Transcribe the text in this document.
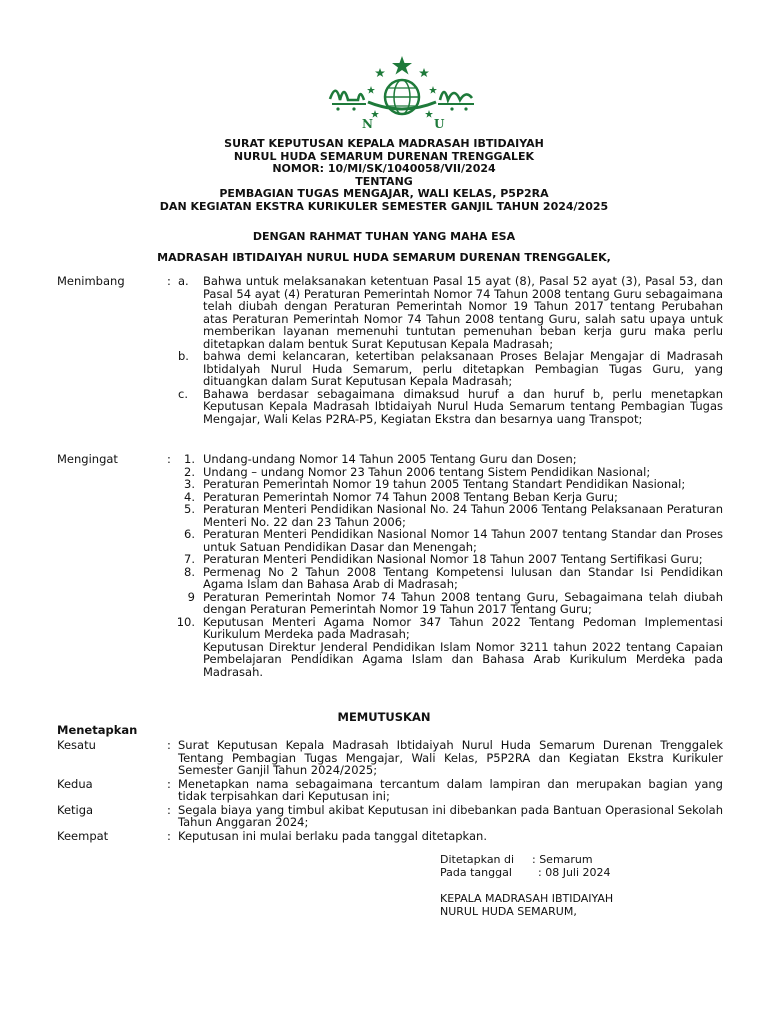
N	U
SURAT KEPUTUSAN KEPALA MADRASAH IBTIDAIYAH
NURUL HUDA SEMARUM DURENAN TRENGGALEK
NOMOR: 10/MI/SK/1040058/VII/2024
TENTANG
PEMBAGIAN TUGAS MENGAJAR, WALI KELAS, P5P2RA
DAN KEGIATAN EKSTRA KURIKULER SEMESTER GANJIL TAHUN 2024/2025
DENGAN RAHMAT TUHAN YANG MAHA ESA
MADRASAH IBTIDAIYAH NURUL HUDA SEMARUM DURENAN TRENGGALEK,
Menimbang	: a. Bahwa untuk melaksanakan ketentuan Pasal 15 ayat (8), Pasal 52 ayat (3), Pasal 53, dan Pasal 54 ayat (4) Peraturan Pemerintah Nomor 74 Tahun 2008 tentang Guru sebagaimana telah diubah dengan Peraturan Pemerintah Nomor 19 Tahun 2017 tentang Perubahan atas Peraturan Pemerintah Nomor 74 Tahun 2008 tentang Guru, salah satu upaya untuk memberikan layanan memenuhi tuntutan pemenuhan beban kerja guru maka perlu ditetapkan dalam bentuk Surat Keputusan Kepala Madrasah;
b. bahwa demi kelancaran, ketertiban pelaksanaan Proses Belajar Mengajar di Madrasah IbtidaIyah Nurul Huda Semarum, perlu ditetapkan Pembagian Tugas Guru, yang dituangkan dalam Surat Keputusan Kepala Madrasah;
c. Bahawa berdasar sebagaimana dimaksud huruf a dan huruf b, perlu menetapkan Keputusan Kepala Madrasah Ibtidaiyah Nurul Huda Semarum tentang Pembagian Tugas Mengajar, Wali Kelas P2RA-P5, Kegiatan Ekstra dan besarnya uang Transpot;
Mengingat	: 1. Undang-undang Nomor 14 Tahun 2005 Tentang Guru dan Dosen;
2. Undang – undang Nomor 23 Tahun 2006 tentang Sistem Pendidikan Nasional;
3. Peraturan Pemerintah Nomor 19 tahun 2005 Tentang Standart Pendidikan Nasional;
4. Peraturan Pemerintah Nomor 74 Tahun 2008 Tentang Beban Kerja Guru;
5. Peraturan Menteri Pendidikan Nasional No. 24 Tahun 2006 Tentang Pelaksanaan Peraturan Menteri No. 22 dan 23 Tahun 2006;
6. Peraturan Menteri Pendidikan Nasional Nomor 14 Tahun 2007 tentang Standar dan Proses untuk Satuan Pendidikan Dasar dan Menengah;
7. Peraturan Menteri Pendidikan Nasional Nomor 18 Tahun 2007 Tentang Sertifikasi Guru;
8. Permenag No 2 Tahun 2008 Tentang Kompetensi lulusan dan Standar Isi Pendidikan Agama Islam dan Bahasa Arab di Madrasah;
9 Peraturan Pemerintah Nomor 74 Tahun 2008 tentang Guru, Sebagaimana telah diubah dengan Peraturan Pemerintah Nomor 19 Tahun 2017 Tentang Guru;
10. Keputusan Menteri Agama Nomor 347 Tahun 2022 Tentang Pedoman Implementasi Kurikulum Merdeka pada Madrasah;
Keputusan Direktur Jenderal Pendidikan Islam Nomor 3211 tahun 2022 tentang Capaian Pembelajaran Pendidikan Agama Islam dan Bahasa Arab Kurikulum Merdeka pada Madrasah.
MEMUTUSKAN
Menetapkan
Kesatu	: Surat Keputusan Kepala Madrasah Ibtidaiyah Nurul Huda Semarum Durenan Trenggalek Tentang Pembagian Tugas Mengajar, Wali Kelas, P5P2RA dan Kegiatan Ekstra Kurikuler Semester Ganjil Tahun 2024/2025;
Kedua	: Menetapkan nama sebagaimana tercantum dalam lampiran dan merupakan bagian yang tidak terpisahkan dari Keputusan ini;
Ketiga	: Segala biaya yang timbul akibat Keputusan ini dibebankan pada Bantuan Operasional Sekolah Tahun Anggaran 2024;
Keempat	: Keputusan ini mulai berlaku pada tanggal ditetapkan.
Ditetapkan di : Semarum
Pada tanggal : 08 Juli 2024
KEPALA MADRASAH IBTIDAIYAH
NURUL HUDA SEMARUM,
